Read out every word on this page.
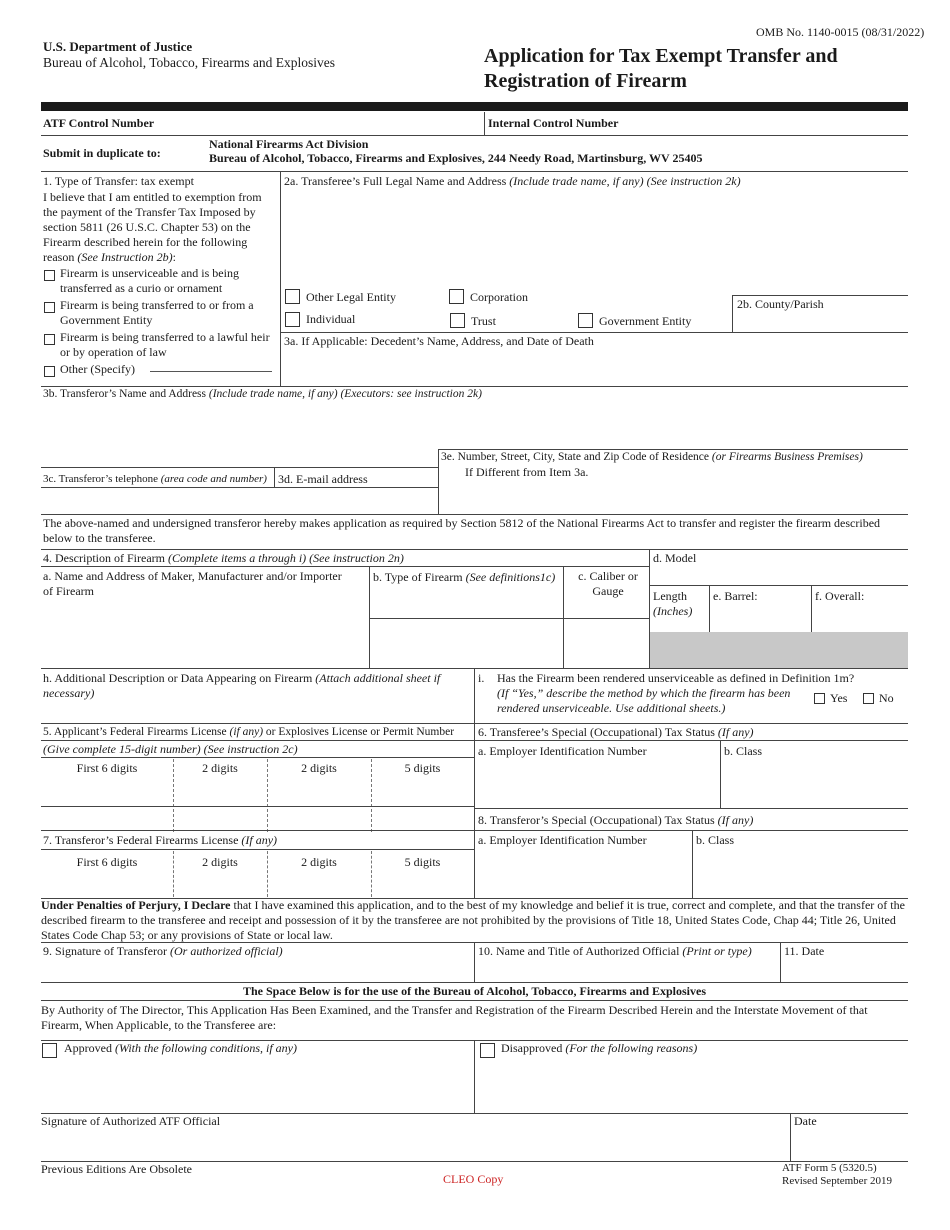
OMB No. 1140-0015 (08/31/2022)
U.S. Department of Justice
Bureau of Alcohol, Tobacco, Firearms and Explosives	Application for Tax Exempt Transfer and
Registration of Firearm
ATF Control Number	Internal Control Number
Submit in duplicate to:
National Firearms Act Division
Bureau of Alcohol, Tobacco, Firearms and Explosives, 244 Needy Road, Martinsburg, WV 25405
1. Type of Transfer: tax exempt
I believe that I am entitled to exemption from the payment of the Transfer Tax Imposed by section 5811 (26 U.S.C. Chapter 53) on the Firearm described herein for the following reason (See Instruction 2b):
Firearm is unserviceable and is being transferred as a curio or ornament
Firearm is being transferred to or from a Government Entity
Firearm is being transferred to a lawful heir or by operation of law
Other (Specify)
2a. Transferee’s Full Legal Name and Address (Include trade name, if any) (See instruction 2k)
Other Legal Entity	Corporation
Individual	Trust	Government Entity
2b. County/Parish
3a. If Applicable: Decedent’s Name, Address, and Date of Death
3b. Transferor’s Name and Address (Include trade name, if any) (Executors: see instruction 2k)
3e. Number, Street, City, State and Zip Code of Residence (or Firearms Business Premises)
If Different from Item 3a.
3c. Transferor’s telephone (area code and number) 3d. E-mail address
The above-named and undersigned transferor hereby makes application as required by Section 5812 of the National Firearms Act to transfer and register the firearm described below to the transferee.
4. Description of Firearm (Complete items a through i) (See instruction 2n)	d. Model
a. Name and Address of Maker, Manufacturer and/or Importer of Firearm
b. Type of Firearm (See definitions1c)	c. Caliber or Gauge	Length
(Inches)
e. Barrel:	f. Overall:
h. Additional Description or Data Appearing on Firearm (Attach additional sheet if necessary)
i. Has the Firearm been rendered unserviceable as defined in Definition 1m?
(If “Yes,” describe the method by which the firearm has been rendered unserviceable. Use additional sheets.)
Yes	No
5. Applicant’s Federal Firearms License (if any) or Explosives License or Permit Number 6. Transferee’s Special (Occupational) Tax Status (If any)
(Give complete 15-digit number) (See instruction 2c)	a. Employer Identification Number	b. Class
First 6 digits	2 digits	2 digits	5 digits
8. Transferor’s Special (Occupational) Tax Status (If any)
7. Transferor’s Federal Firearms License (If any)	a. Employer Identification Number	b. Class
First 6 digits	2 digits	2 digits	5 digits
Under Penalties of Perjury, I Declare that I have examined this application, and to the best of my knowledge and belief it is true, correct and complete, and that the transfer of the described firearm to the transferee and receipt and possession of it by the transferee are not prohibited by the provisions of Title 18, United States Code, Chap 44; Title 26, United States Code Chap 53; or any provisions of State or local law.
9. Signature of Transferor (Or authorized official)	10. Name and Title of Authorized Official (Print or type)	11. Date
The Space Below is for the use of the Bureau of Alcohol, Tobacco, Firearms and Explosives
By Authority of The Director, This Application Has Been Examined, and the Transfer and Registration of the Firearm Described Herein and the Interstate Movement of that Firearm, When Applicable, to the Transferee are:
Approved (With the following conditions, if any)	Disapproved (For the following reasons)
Signature of Authorized ATF Official	Date
Previous Editions Are Obsolete
CLEO Copy
ATF Form 5 (5320.5)
Revised September 2019
